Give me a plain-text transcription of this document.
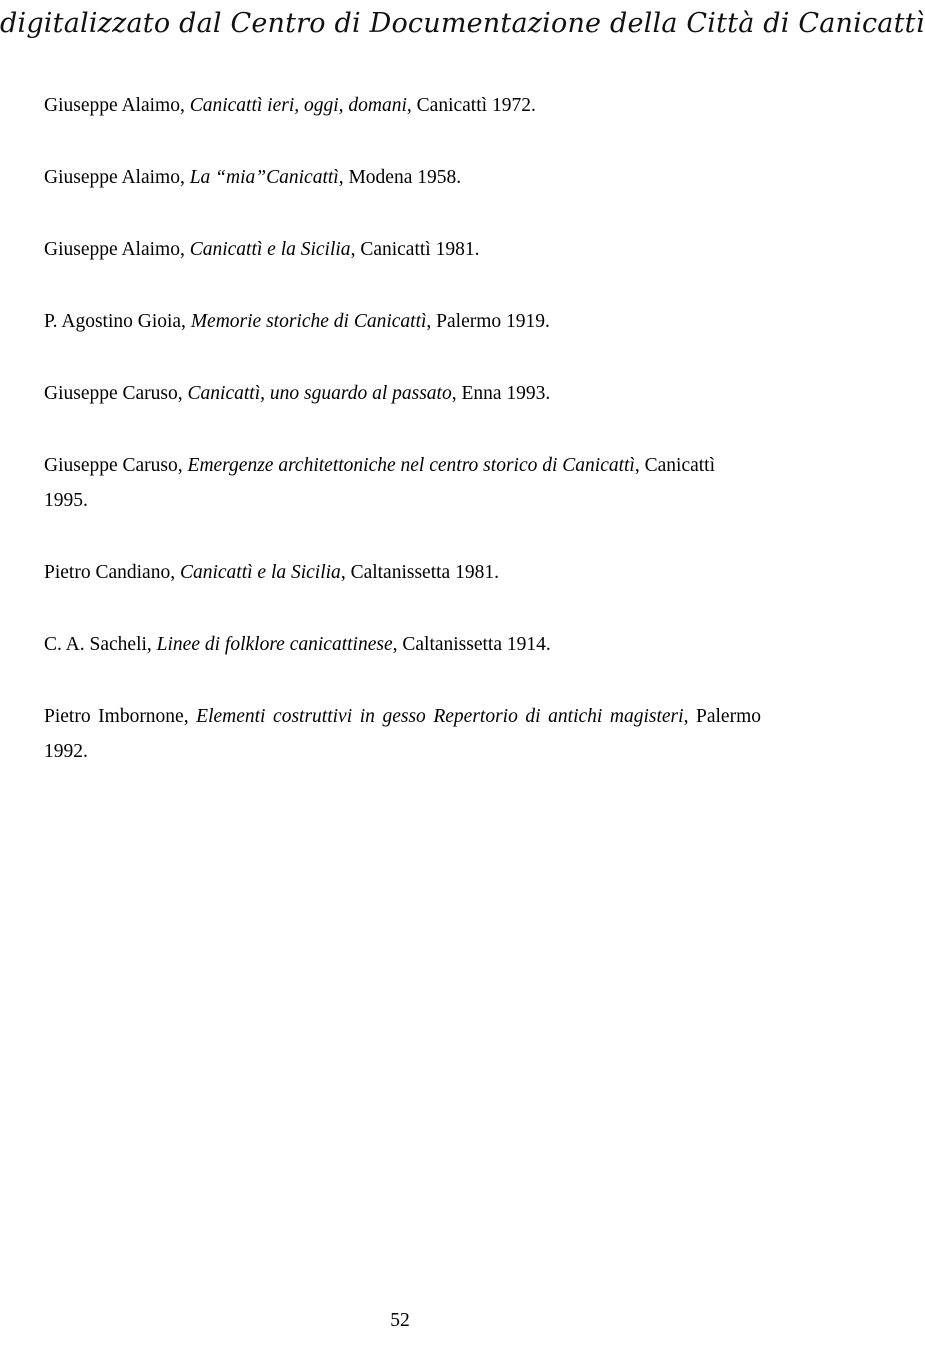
digitalizzato dal Centro di Documentazione della Città di Canicattì

Giuseppe Alaimo, Canicattì ieri, oggi, domani, Canicattì 1972.

Giuseppe Alaimo, La “mia”Canicattì, Modena 1958.

Giuseppe Alaimo, Canicattì e la Sicilia, Canicattì 1981.

P. Agostino Gioia, Memorie storiche di Canicattì, Palermo 1919.

Giuseppe Caruso, Canicattì, uno sguardo al passato, Enna 1993.

Giuseppe Caruso, Emergenze architettoniche nel centro storico di Canicattì, Canicattì 1995.

Pietro Candiano, Canicattì e la Sicilia, Caltanissetta 1981.

C. A. Sacheli, Linee di folklore canicattinese, Caltanissetta 1914.

Pietro Imbornone, Elementi costruttivi in gesso Repertorio di antichi magisteri, Palermo 1992.

52
